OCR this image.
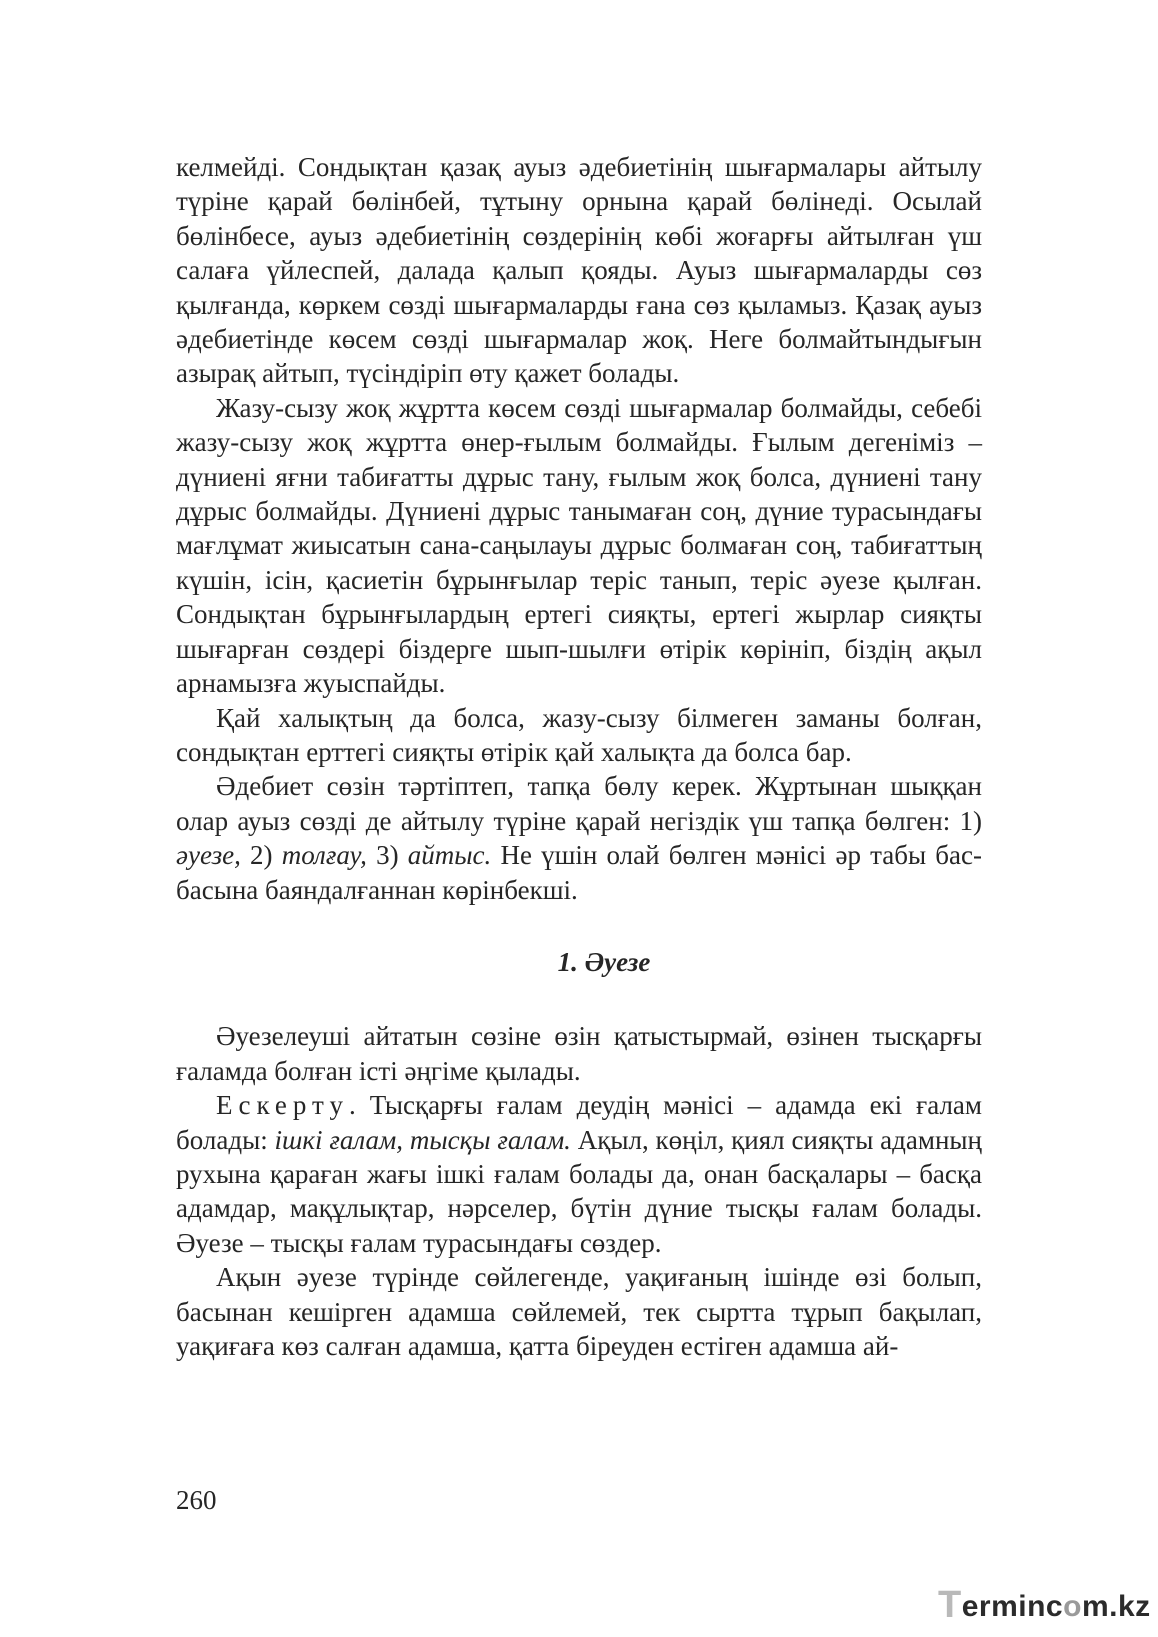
келмейді. Сондықтан қазақ ауыз әдебиетінің шығармалары айтылу түріне қарай бөлінбей, тұтыну орнына қарай бөлінеді. Осылай бөлінбесе, ауыз әдебиетінің сөздерінің көбі жоғарғы айтылған үш салаға үйлеспей, далада қалып қояды. Ауыз шығармаларды сөз қылғанда, көркем сөзді шығармаларды ғана сөз қыламыз. Қазақ ауыз әдебиетінде көсем сөзді шығармалар жоқ. Неге болмайтындығын азырақ айтып, түсіндіріп өту қажет болады.

Жазу-сызу жоқ жұртта көсем сөзді шығармалар болмайды, себебі жазу-сызу жоқ жұртта өнер-ғылым болмайды. Ғылым дегеніміз – дүниені яғни табиғатты дұрыс тану, ғылым жоқ болса, дүниені тану дұрыс болмайды. Дүниені дұрыс танымаған соң, дүние турасындағы мағлұмат жиысатын сана-саңылауы дұрыс болмаған соң, табиғаттың күшін, ісін, қасиетін бұрынғылар теріс танып, теріс әуезе қылған. Сондықтан бұрынғылардың ертегі сияқты, ертегі жырлар сияқты шығарған сөздері біздерге шып-шылғи өтірік көрініп, біздің ақыл арнамызға жуыспайды.

Қай халықтың да болса, жазу-сызу білмеген заманы болған, сондықтан ерттегі сияқты өтірік қай халықта да болса бар.

Әдебиет сөзін тәртіптеп, тапқа бөлу керек. Жұртынан шыққан олар ауыз сөзді де айтылу түріне қарай негіздік үш тапқа бөлген: 1) әуезе, 2) толғау, 3) айтыс. Не үшін олай бөлген мәнісі әр табы бас-басына баяндалғаннан көрінбекші.

1. Әуезе

Әуезелеуші айтатын сөзіне өзін қатыстырмай, өзінен тысқарғы ғаламда болған істі әңгіме қылады.

Ескерту. Тысқарғы ғалам деудің мәнісі – адамда екі ғалам болады: ішкі ғалам, тысқы ғалам. Ақыл, көңіл, қиял сияқты адамның рухына қараған жағы ішкі ғалам болады да, онан басқалары – басқа адамдар, мақұлықтар, нәрселер, бүтін дүние тысқы ғалам болады. Әуезе – тысқы ғалам турасындағы сөздер.

Ақын әуезе түрінде сөйлегенде, уақиғаның ішінде өзі болып, басынан кешірген адамша сөйлемей, тек сыртта тұрып бақылап, уақиғаға көз салған адамша, қатта біреуден естіген адамша ай-

260
Termincom.kz
